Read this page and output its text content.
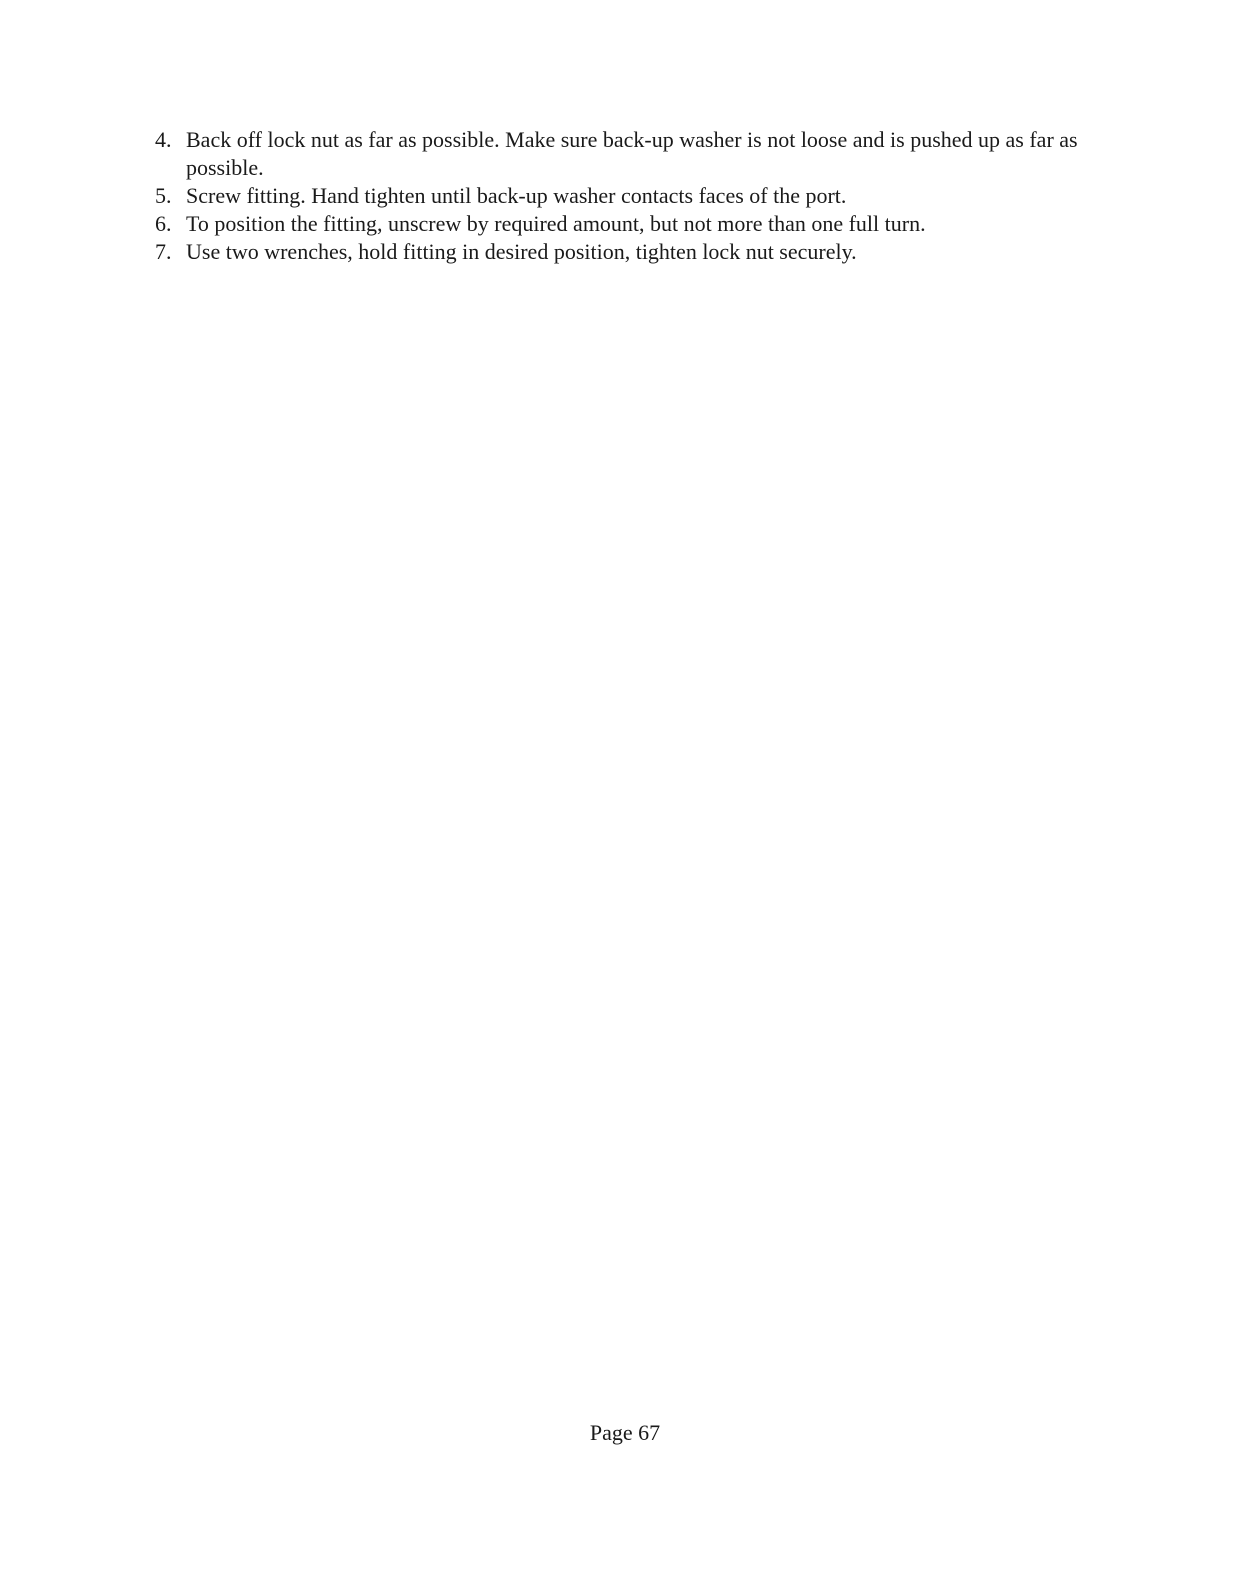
4. Back off lock nut as far as possible. Make sure back-up washer is not loose and is pushed up as far as possible.
5. Screw fitting. Hand tighten until back-up washer contacts faces of the port.
6. To position the fitting, unscrew by required amount, but not more than one full turn.
7. Use two wrenches, hold fitting in desired position, tighten lock nut securely.
Page 67
